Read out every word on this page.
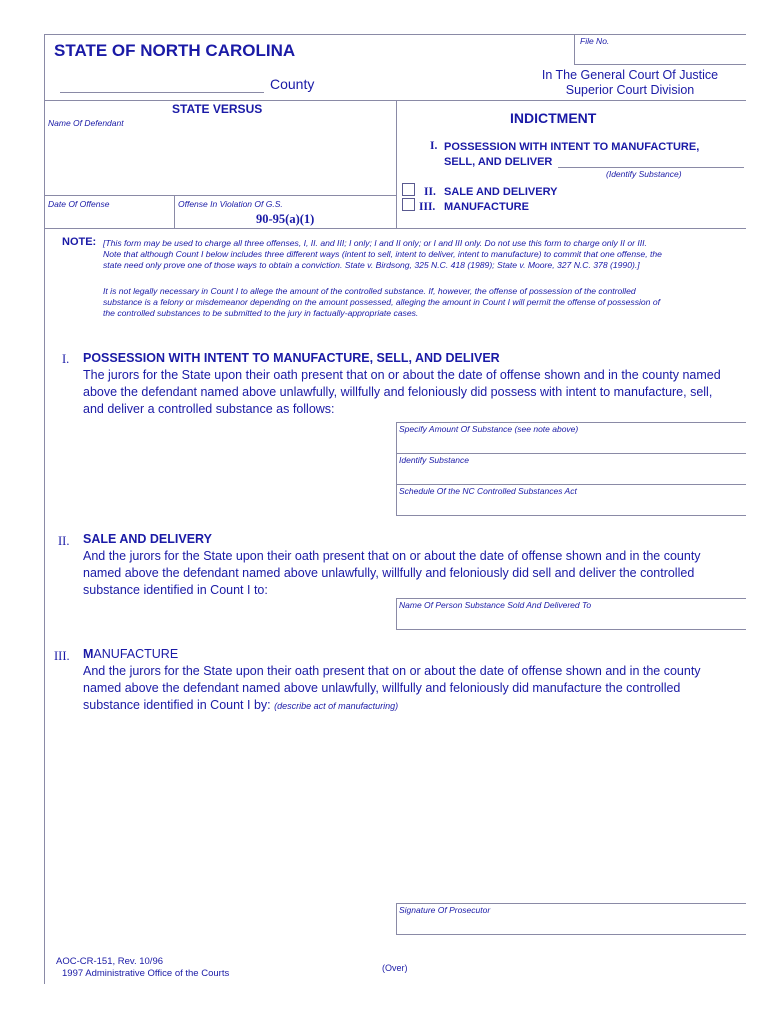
STATE OF NORTH CAROLINA	File No.
County
In The General Court Of Justice
Superior Court Division
STATE VERSUS
Name Of Defendant
Date Of Offense	Offense In Violation Of G.S.
90-95(a)(1)
INDICTMENT
I. POSSESSION WITH INTENT TO MANUFACTURE,
SELL, AND DELIVER
(Identify Substance)
II. SALE AND DELIVERY
III. MANUFACTURE
NOTE: [This form may be used to charge all three offenses, I, II. and III; I only; I and II only; or I and III only. Do not use this form to charge only II or III.
Note that although Count I below includes three different ways (intent to sell, intent to deliver, intent to manufacture) to commit that one offense, the
state need only prove one of those ways to obtain a conviction. State v. Birdsong, 325 N.C. 418 (1989); State v. Moore, 327 N.C. 378 (1990).]
It is not legally necessary in Count I to allege the amount of the controlled substance. If, however, the offense of possession of the controlled
substance is a felony or misdemeanor depending on the amount possessed, alleging the amount in Count I will permit the offense of possession of
the controlled substances to be submitted to the jury in factually-appropriate cases.
I. POSSESSION WITH INTENT TO MANUFACTURE, SELL, AND DELIVER
The jurors for the State upon their oath present that on or about the date of offense shown and in the county named
above the defendant named above unlawfully, willfully and feloniously did possess with intent to manufacture, sell,
and deliver a controlled substance as follows:
Specify Amount Of Substance (see note above)
Identify Substance
Schedule Of the NC Controlled Substances Act
II. SALE AND DELIVERY
And the jurors for the State upon their oath present that on or about the date of offense shown and in the county
named above the defendant named above unlawfully, willfully and feloniously did sell and deliver the controlled
substance identified in Count I to:
Name Of Person Substance Sold And Delivered To
III. MANUFACTURE
And the jurors for the State upon their oath present that on or about the date of offense shown and in the county
named above the defendant named above unlawfully, willfully and feloniously did manufacture the controlled
substance identified in Count I by: (describe act of manufacturing)
Signature Of Prosecutor
AOC-CR-151, Rev. 10/96
1997 Administrative Office of the Courts	(Over)
